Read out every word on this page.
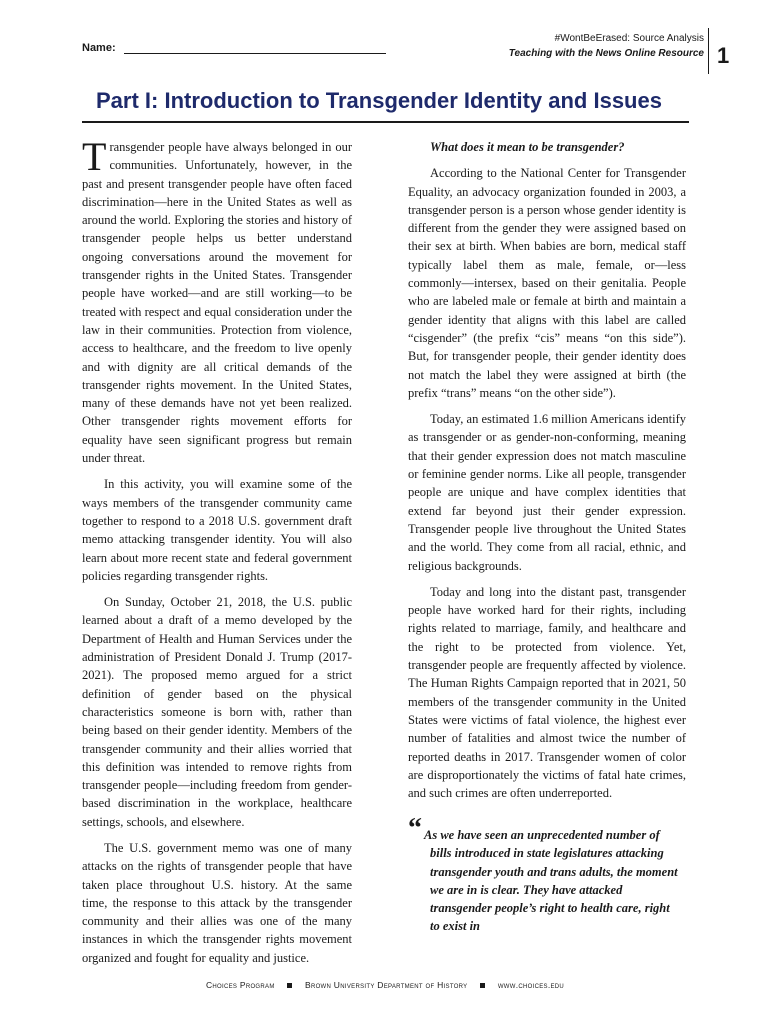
Name:
#WontBeErased: Source Analysis
Teaching with the News Online Resource 1
Part I: Introduction to Transgender Identity and Issues

Transgender people have always belonged in our communities. Unfortunately, however, in the past and present transgender people have often faced discrimination—here in the United States as well as around the world. Exploring the stories and history of transgender people helps us better understand ongoing conversations around the movement for transgender rights in the United States. Transgender people have worked—and are still working—to be treated with respect and equal consideration under the law in their communities. Protection from violence, access to healthcare, and the freedom to live openly and with dignity are all critical demands of the transgender rights movement. In the United States, many of these demands have not yet been realized. Other transgender rights movement efforts for equality have seen significant progress but remain under threat.

In this activity, you will examine some of the ways members of the transgender community came together to respond to a 2018 U.S. government draft memo attacking transgender identity. You will also learn about more recent state and federal government policies regarding transgender rights.

On Sunday, October 21, 2018, the U.S. public learned about a draft of a memo developed by the Department of Health and Human Services under the administration of President Donald J. Trump (2017-2021). The proposed memo argued for a strict definition of gender based on the physical characteristics someone is born with, rather than being based on their gender identity. Members of the transgender community and their allies worried that this definition was intended to remove rights from transgender people—including freedom from gender-based discrimination in the workplace, healthcare settings, schools, and elsewhere.

The U.S. government memo was one of many attacks on the rights of transgender people that have taken place throughout U.S. history. At the same time, the response to this attack by the transgender community and their allies was one of the many instances in which the transgender rights movement organized and fought for equality and justice.

What does it mean to be transgender?

According to the National Center for Transgender Equality, an advocacy organization founded in 2003, a transgender person is a person whose gender identity is different from the gender they were assigned based on their sex at birth. When babies are born, medical staff typically label them as male, female, or—less commonly—intersex, based on their genitalia. People who are labeled male or female at birth and maintain a gender identity that aligns with this label are called “cisgender” (the prefix “cis” means “on this side”). But, for transgender people, their gender identity does not match the label they were assigned at birth (the prefix “trans” means “on the other side”).

Today, an estimated 1.6 million Americans identify as transgender or as gender-non-conforming, meaning that their gender expression does not match masculine or feminine gender norms. Like all people, transgender people are unique and have complex identities that extend far beyond just their gender expression. Transgender people live throughout the United States and the world. They come from all racial, ethnic, and religious backgrounds.

Today and long into the distant past, transgender people have worked hard for their rights, including rights related to marriage, family, and healthcare and the right to be protected from violence. Yet, transgender people are frequently affected by violence. The Human Rights Campaign reported that in 2021, 50 members of the transgender community in the United States were victims of fatal violence, the highest ever number of fatalities and almost twice the number of reported deaths in 2017. Transgender women of color are disproportionately the victims of fatal hate crimes, and such crimes are often underreported.

“ As we have seen an unprecedented number of bills introduced in state legislatures attacking transgender youth and trans adults, the moment we are in is clear. They have attacked transgender people’s right to health care, right to exist in
Choices Program	Brown University Department of History	www.choices.edu
